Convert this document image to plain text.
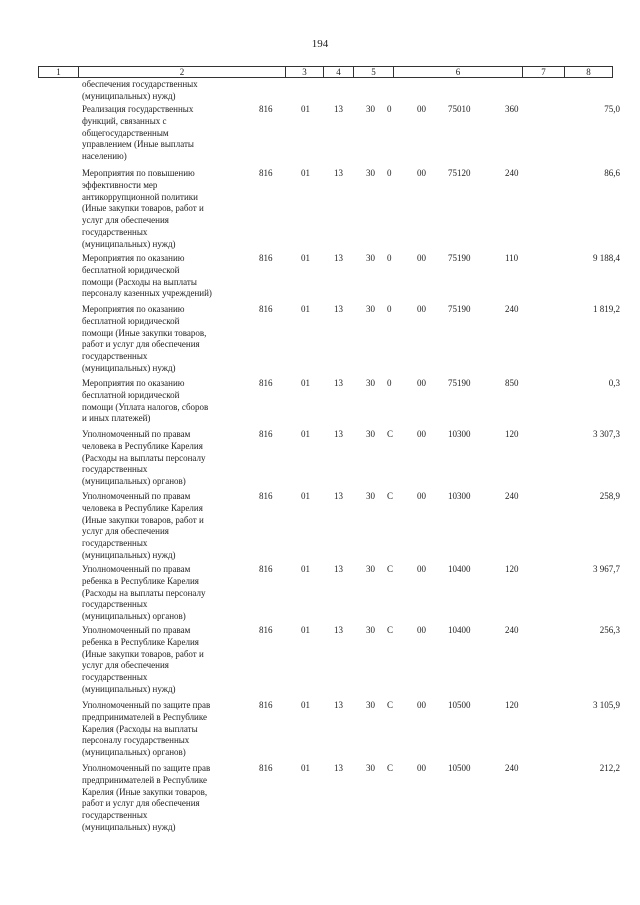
194
1	2	3	4	5	6	7	8
обеспечения государственных
(муниципальных) нужд)
Реализация государственных
функций, связанных с
общегосударственным
управлением (Иные выплаты
населению)
816	01	13	30	0	00	75010	360	75,0
Мероприятия по повышению
эффективности мер
антикоррупционной политики
(Иные закупки товаров, работ и
услуг для обеспечения
государственных
(муниципальных) нужд)
816	01	13	30	0	00	75120	240	86,6
Мероприятия по оказанию
бесплатной юридической
помощи (Расходы на выплаты
персоналу казенных учреждений)
816	01	13	30	0	00	75190	110	9 188,4
Мероприятия по оказанию
бесплатной юридической
помощи (Иные закупки товаров,
работ и услуг для обеспечения
государственных
(муниципальных) нужд)
816	01	13	30	0	00	75190	240	1 819,2
Мероприятия по оказанию
бесплатной юридической
помощи (Уплата налогов, сборов
и иных платежей)
816	01	13	30	0	00	75190	850	0,3
Уполномоченный по правам
человека в Республике Карелия
(Расходы на выплаты персоналу
государственных
(муниципальных) органов)
816	01	13	30	С	00	10300	120	3 307,3
Уполномоченный по правам
человека в Республике Карелия
(Иные закупки товаров, работ и
услуг для обеспечения
государственных
(муниципальных) нужд)
816	01	13	30	С	00	10300	240	258,9
Уполномоченный по правам
ребенка в Республике Карелия
(Расходы на выплаты персоналу
государственных
(муниципальных) органов)
816	01	13	30	С	00	10400	120	3 967,7
Уполномоченный по правам
ребенка в Республике Карелия
(Иные закупки товаров, работ и
услуг для обеспечения
государственных
(муниципальных) нужд)
816	01	13	30	С	00	10400	240	256,3
Уполномоченный по защите прав
предпринимателей в Республике
Карелия (Расходы на выплаты
персоналу государственных
(муниципальных) органов)
816	01	13	30	С	00	10500	120	3 105,9
Уполномоченный по защите прав
предпринимателей в Республике
Карелия (Иные закупки товаров,
работ и услуг для обеспечения
государственных
(муниципальных) нужд)
816	01	13	30	С	00	10500	240	212,2
